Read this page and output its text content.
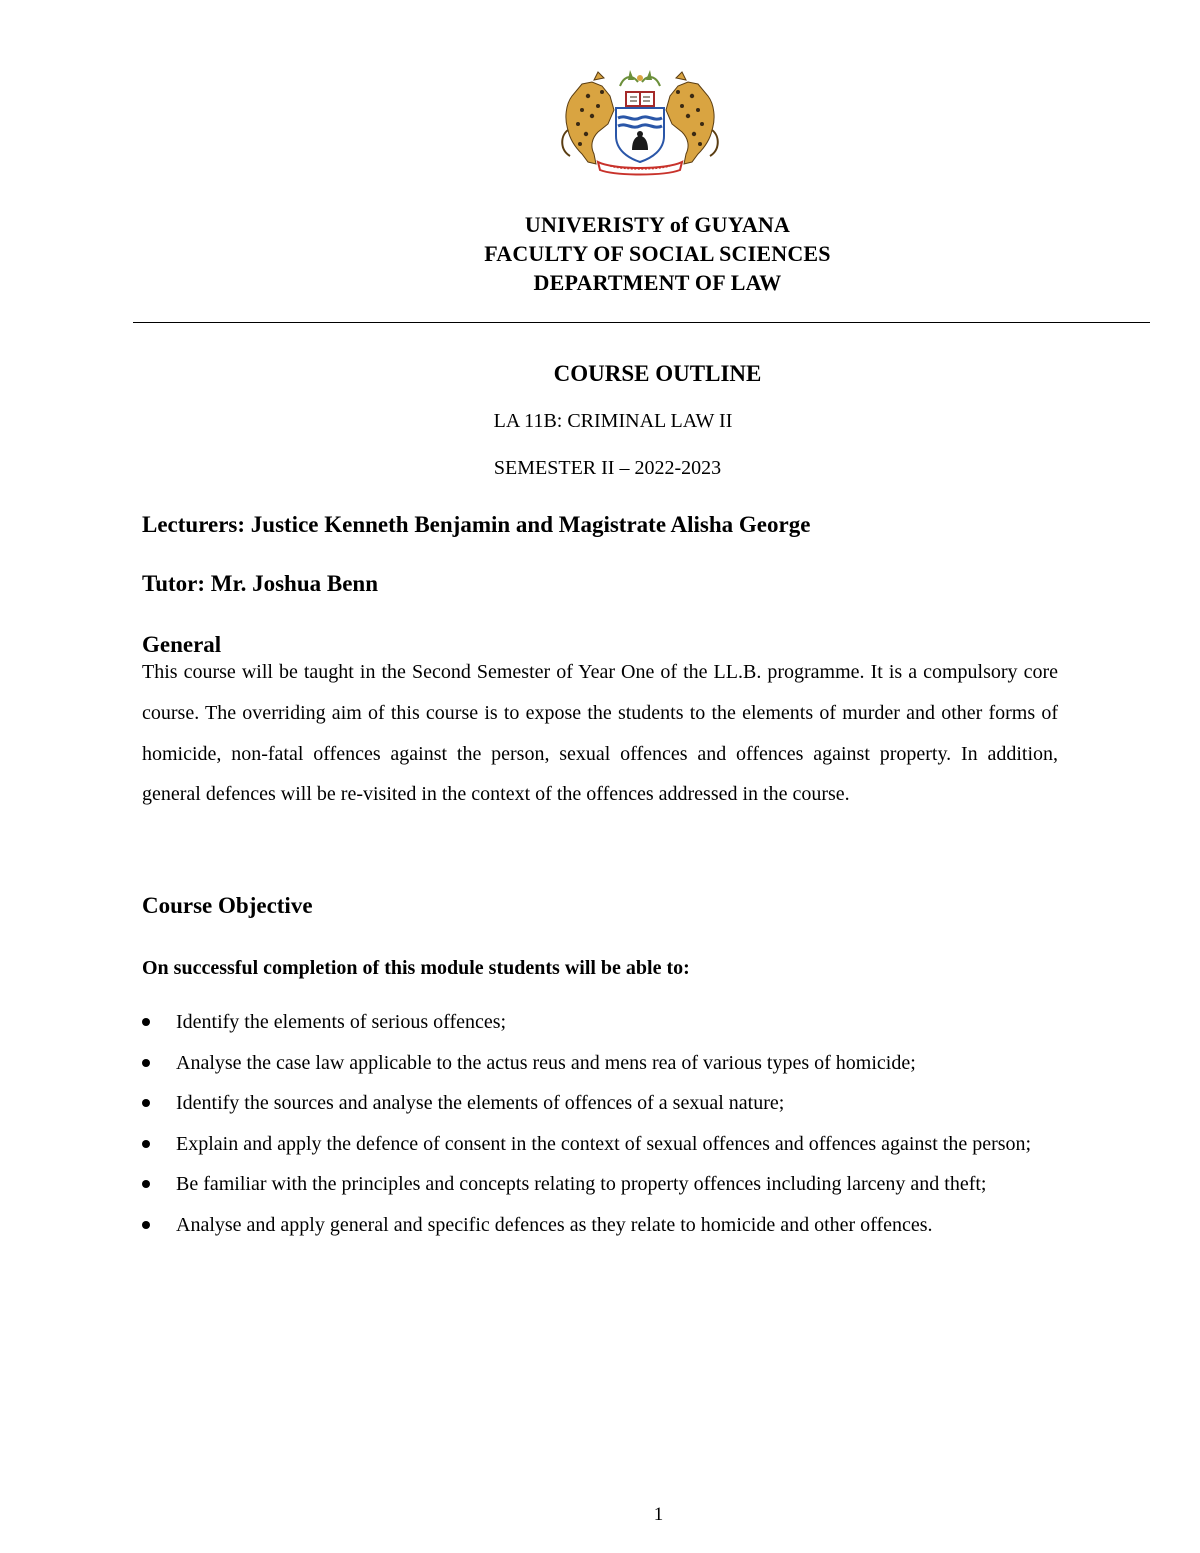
UNIVERISTY of GUYANA
FACULTY OF SOCIAL SCIENCES
DEPARTMENT OF LAW
COURSE OUTLINE
LA 11B: CRIMINAL LAW II
SEMESTER II – 2022-2023
Lecturers: Justice Kenneth Benjamin and Magistrate Alisha George
Tutor: Mr. Joshua Benn
General
This course will be taught in the Second Semester of Year One of the LL.B. programme. It is a compulsory core course. The overriding aim of this course is to expose the students to the elements of murder and other forms of homicide, non-fatal offences against the person, sexual offences and offences against property. In addition, general defences will be re-visited in the context of the offences addressed in the course.
Course Objective
On successful completion of this module students will be able to:
Identify the elements of serious offences;
Analyse the case law applicable to the actus reus and mens rea of various types of homicide;
Identify the sources and analyse the elements of offences of a sexual nature;
Explain and apply the defence of consent in the context of sexual offences and offences against the person;
Be familiar with the principles and concepts relating to property offences including larceny and theft;
Analyse and apply general and specific defences as they relate to homicide and other offences.
1
